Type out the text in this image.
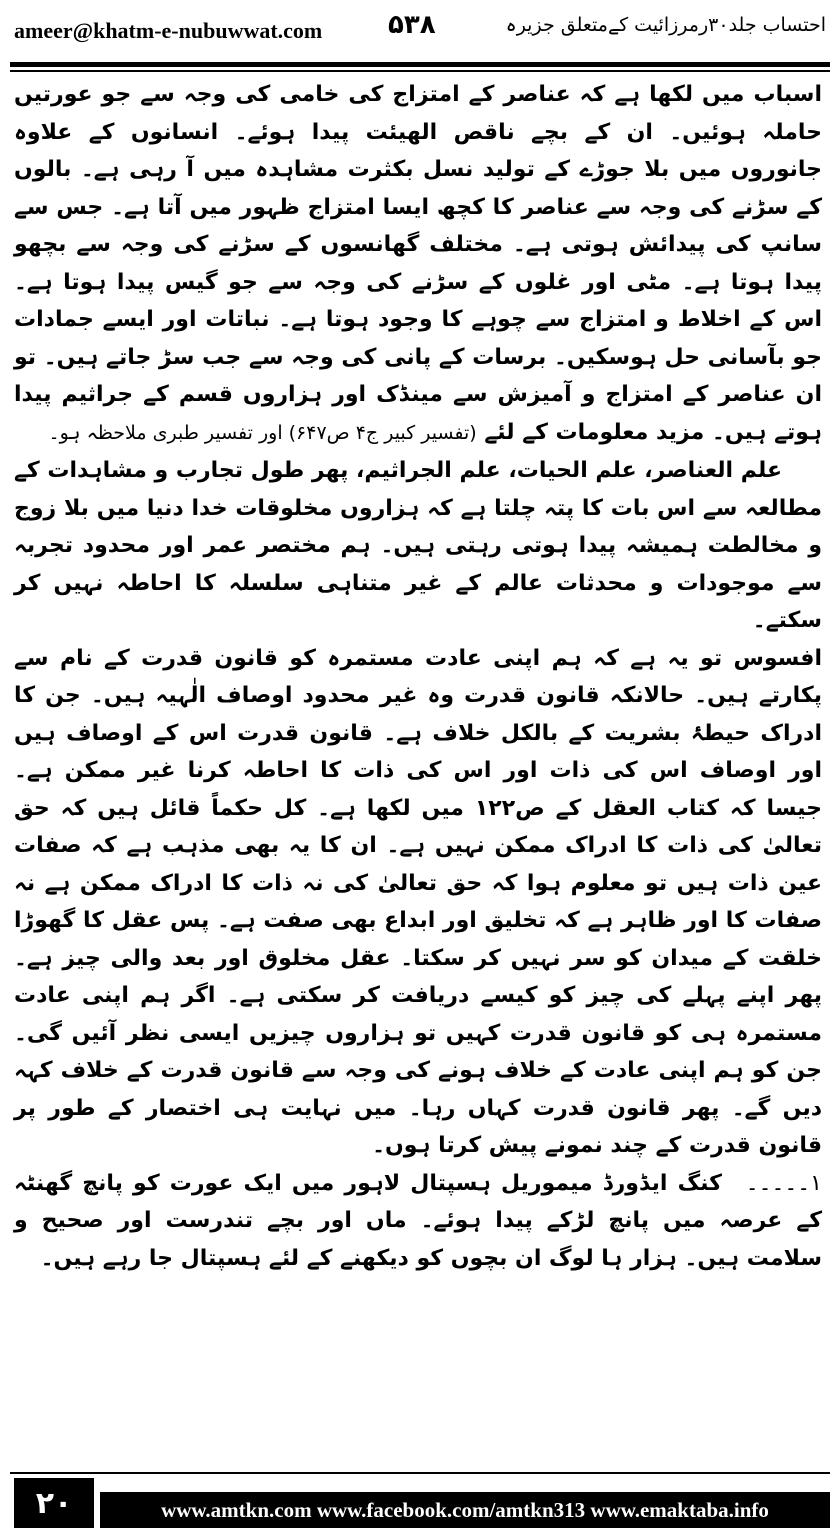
ameer@khatm-e-nubuwwat.com	۵۳۸	احتساب جلد۳۰رمرزائیت کےمتعلق جزیرہ

اسباب میں لکھا ہے کہ عناصر کے امتزاج کی خامی کی وجہ سے جو عورتیں حاملہ ہوئیں۔ ان کے بچے ناقص الھیئت پیدا ہوئے۔ انسانوں کے علاوہ جانوروں میں بلا جوڑے کے تولید نسل بکثرت مشاہدہ میں آ رہی ہے۔ بالوں کے سڑنے کی وجہ سے عناصر کا کچھ ایسا امتزاج ظہور میں آتا ہے۔ جس سے سانپ کی پیدائش ہوتی ہے۔ مختلف گھانسوں کے سڑنے کی وجہ سے بچھو پیدا ہوتا ہے۔ مٹی اور غلوں کے سڑنے کی وجہ سے جو گیس پیدا ہوتا ہے۔ اس کے اخلاط و امتزاج سے چوہے کا وجود ہوتا ہے۔ نباتات اور ایسے جمادات جو بآسانی حل ہوسکیں۔ برسات کے پانی کی وجہ سے جب سڑ جاتے ہیں۔ تو ان عناصر کے امتزاج و آمیزش سے مینڈک اور ہزاروں قسم کے جراثیم پیدا ہوتے ہیں۔ مزید معلومات کے لئے (تفسیر کبیر ج۴ ص۶۴۷) اور تفسیر طبری ملاحظہ ہو۔

علم العناصر، علم الحیات، علم الجراثیم، پھر طول تجارب و مشاہدات کے مطالعہ سے اس بات کا پتہ چلتا ہے کہ ہزاروں مخلوقات خدا دنیا میں بلا زوج و مخالطت ہمیشہ پیدا ہوتی رہتی ہیں۔ ہم مختصر عمر اور محدود تجربہ سے موجودات و محدثات عالم کے غیر متناہی سلسلہ کا احاطہ نہیں کر سکتے۔

افسوس تو یہ ہے کہ ہم اپنی عادت مستمرہ کو قانون قدرت کے نام سے پکارتے ہیں۔ حالانکہ قانون قدرت وہ غیر محدود اوصاف الٰہیہ ہیں۔ جن کا ادراک حیطۂ بشریت کے بالکل خلاف ہے۔ قانون قدرت اس کے اوصاف ہیں اور اوصاف اس کی ذات اور اس کی ذات کا احاطہ کرنا غیر ممکن ہے۔ جیسا کہ کتاب العقل کے ص۱۲۲ میں لکھا ہے۔ کل حکماً قائل ہیں کہ حق تعالیٰ کی ذات کا ادراک ممکن نہیں ہے۔ ان کا یہ بھی مذہب ہے کہ صفات عین ذات ہیں تو معلوم ہوا کہ حق تعالیٰ کی نہ ذات کا ادراک ممکن ہے نہ صفات کا اور ظاہر ہے کہ تخلیق اور ابداع بھی صفت ہے۔ پس عقل کا گھوڑا خلقت کے میدان کو سر نہیں کر سکتا۔ عقل مخلوق اور بعد والی چیز ہے۔ پھر اپنے پہلے کی چیز کو کیسے دریافت کر سکتی ہے۔ اگر ہم اپنی عادت مستمرہ ہی کو قانون قدرت کہیں تو ہزاروں چیزیں ایسی نظر آئیں گی۔ جن کو ہم اپنی عادت کے خلاف ہونے کی وجہ سے قانون قدرت کے خلاف کہہ دیں گے۔ پھر قانون قدرت کہاں رہا۔ میں نہایت ہی اختصار کے طور پر قانون قدرت کے چند نمونے پیش کرتا ہوں۔

۱۔۔۔۔۔ کنگ ایڈورڈ میموریل ہسپتال لاہور میں ایک عورت کو پانچ گھنٹہ کے عرصہ میں پانچ لڑکے پیدا ہوئے۔ ماں اور بچے تندرست اور صحیح و سلامت ہیں۔ ہزار ہا لوگ ان بچوں کو دیکھنے کے لئے ہسپتال جا رہے ہیں۔

۲۰	www.amtkn.com www.facebook.com/amtkn313 www.emaktaba.info
